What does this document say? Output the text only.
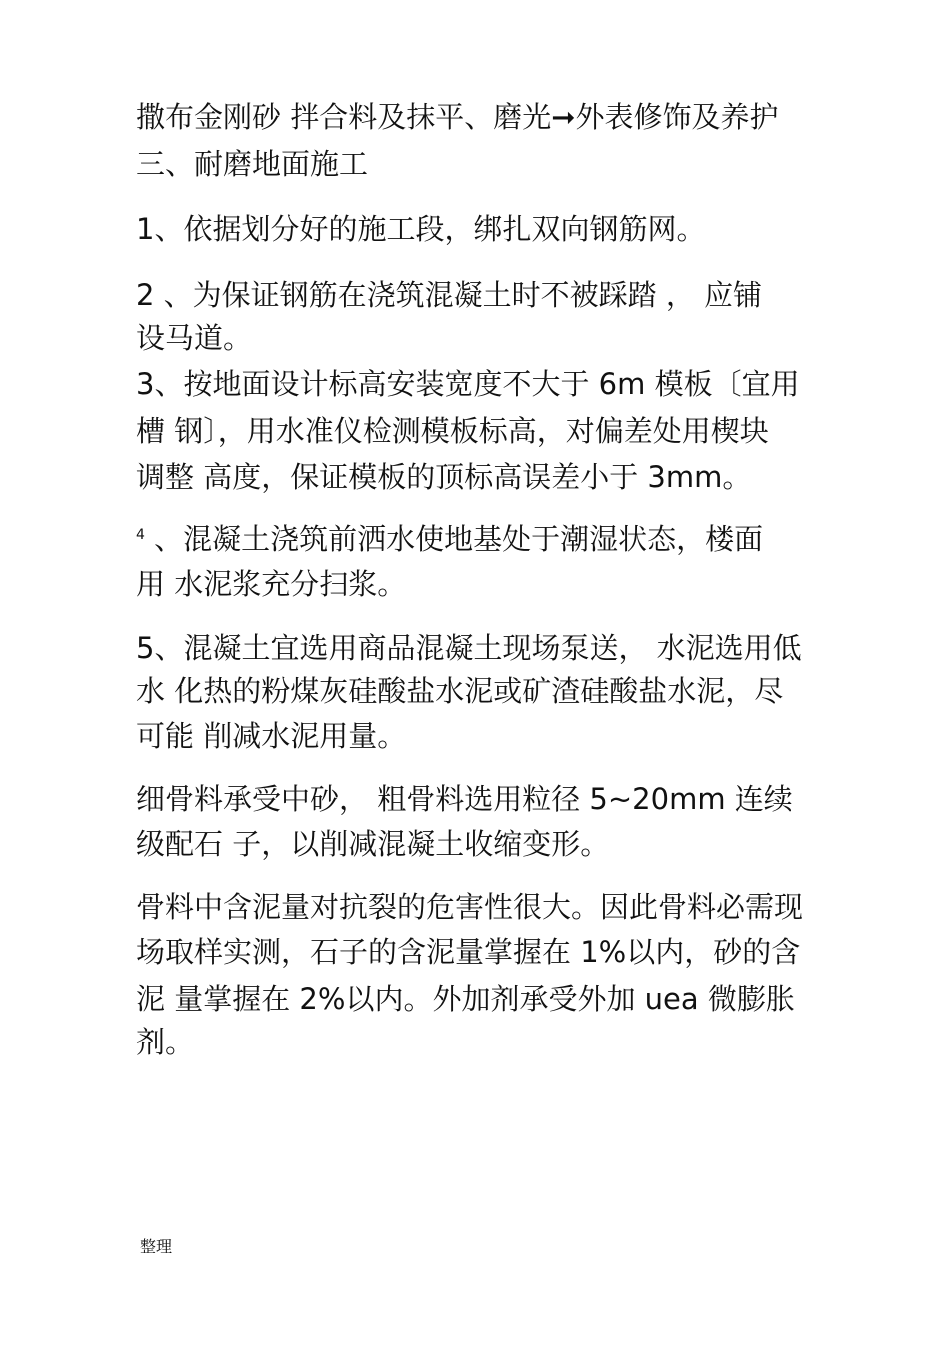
撒布金刚砂 拌合料及抹平、磨光➞外表修饰及养护

三、耐磨地面施工

1、依据划分好的施工段，绑扎双向钢筋网。

2 、为保证钢筋在浇筑混凝土时不被踩踏 ， 应铺

设马道。

3、按地面设计标高安装宽度不大于 6m 模板〔宜用

槽 钢〕，用水准仪检测模板标高，对偏差处用楔块

调整 高度，保证模板的顶标高误差小于 3mm。

$^4$ 、混凝土浇筑前洒水使地基处于潮湿状态，楼面

用 水泥浆充分扫浆。

5、混凝土宜选用商品混凝土现场泵送， 水泥选用低

水 化热的粉煤灰硅酸盐水泥或矿渣硅酸盐水泥，尽

可能 削减水泥用量。

细骨料承受中砂， 粗骨料选用粒径 5~20mm 连续

级配石 子，以削减混凝土收缩变形。

骨料中含泥量对抗裂的危害性很大。因此骨料必需现

场取样实测，石子的含泥量掌握在 1%以内，砂的含

泥 量掌握在 2%以内。外加剂承受外加 uea 微膨胀

剂。

整理
